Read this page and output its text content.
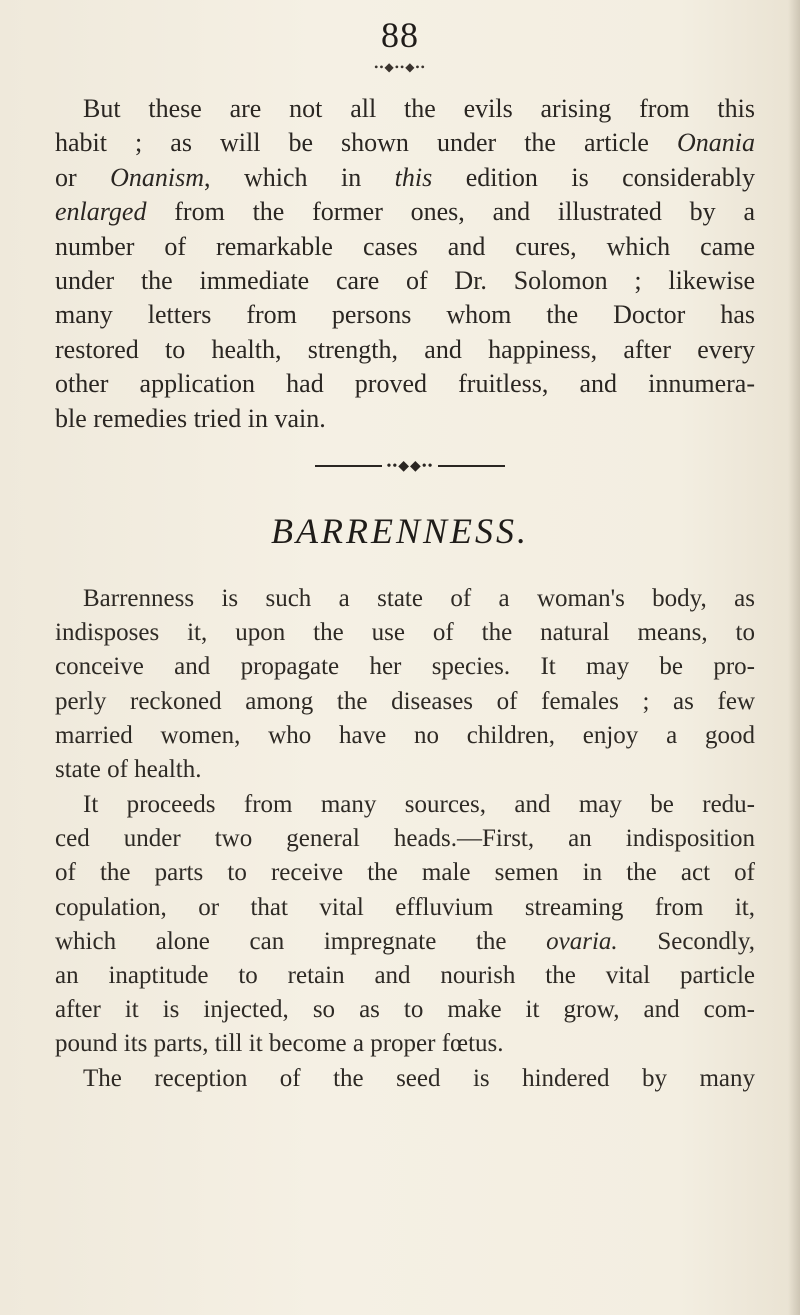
88
••◆••◆••
But these are not all the evils arising from this
habit ; as will be shown under the article Onania
or Onanism, which in this edition is considerably
enlarged from the former ones, and illustrated by a
number of remarkable cases and cures, which came
under the immediate care of Dr. Solomon ; likewise
many letters from persons whom the Doctor has
restored to health, strength, and happiness, after every
other application had proved fruitless, and innumera-
ble remedies tried in vain.
••◆◆••
BARRENNESS.
Barrenness is such a state of a woman's body, as
indisposes it, upon the use of the natural means, to
conceive and propagate her species. It may be pro-
perly reckoned among the diseases of females ; as few
married women, who have no children, enjoy a good
state of health.
It proceeds from many sources, and may be redu-
ced under two general heads.—First, an indisposition
of the parts to receive the male semen in the act of
copulation, or that vital effluvium streaming from it,
which alone can impregnate the ovaria. Secondly,
an inaptitude to retain and nourish the vital particle
after it is injected, so as to make it grow, and com-
pound its parts, till it become a proper fœtus.
The reception of the seed is hindered by many
